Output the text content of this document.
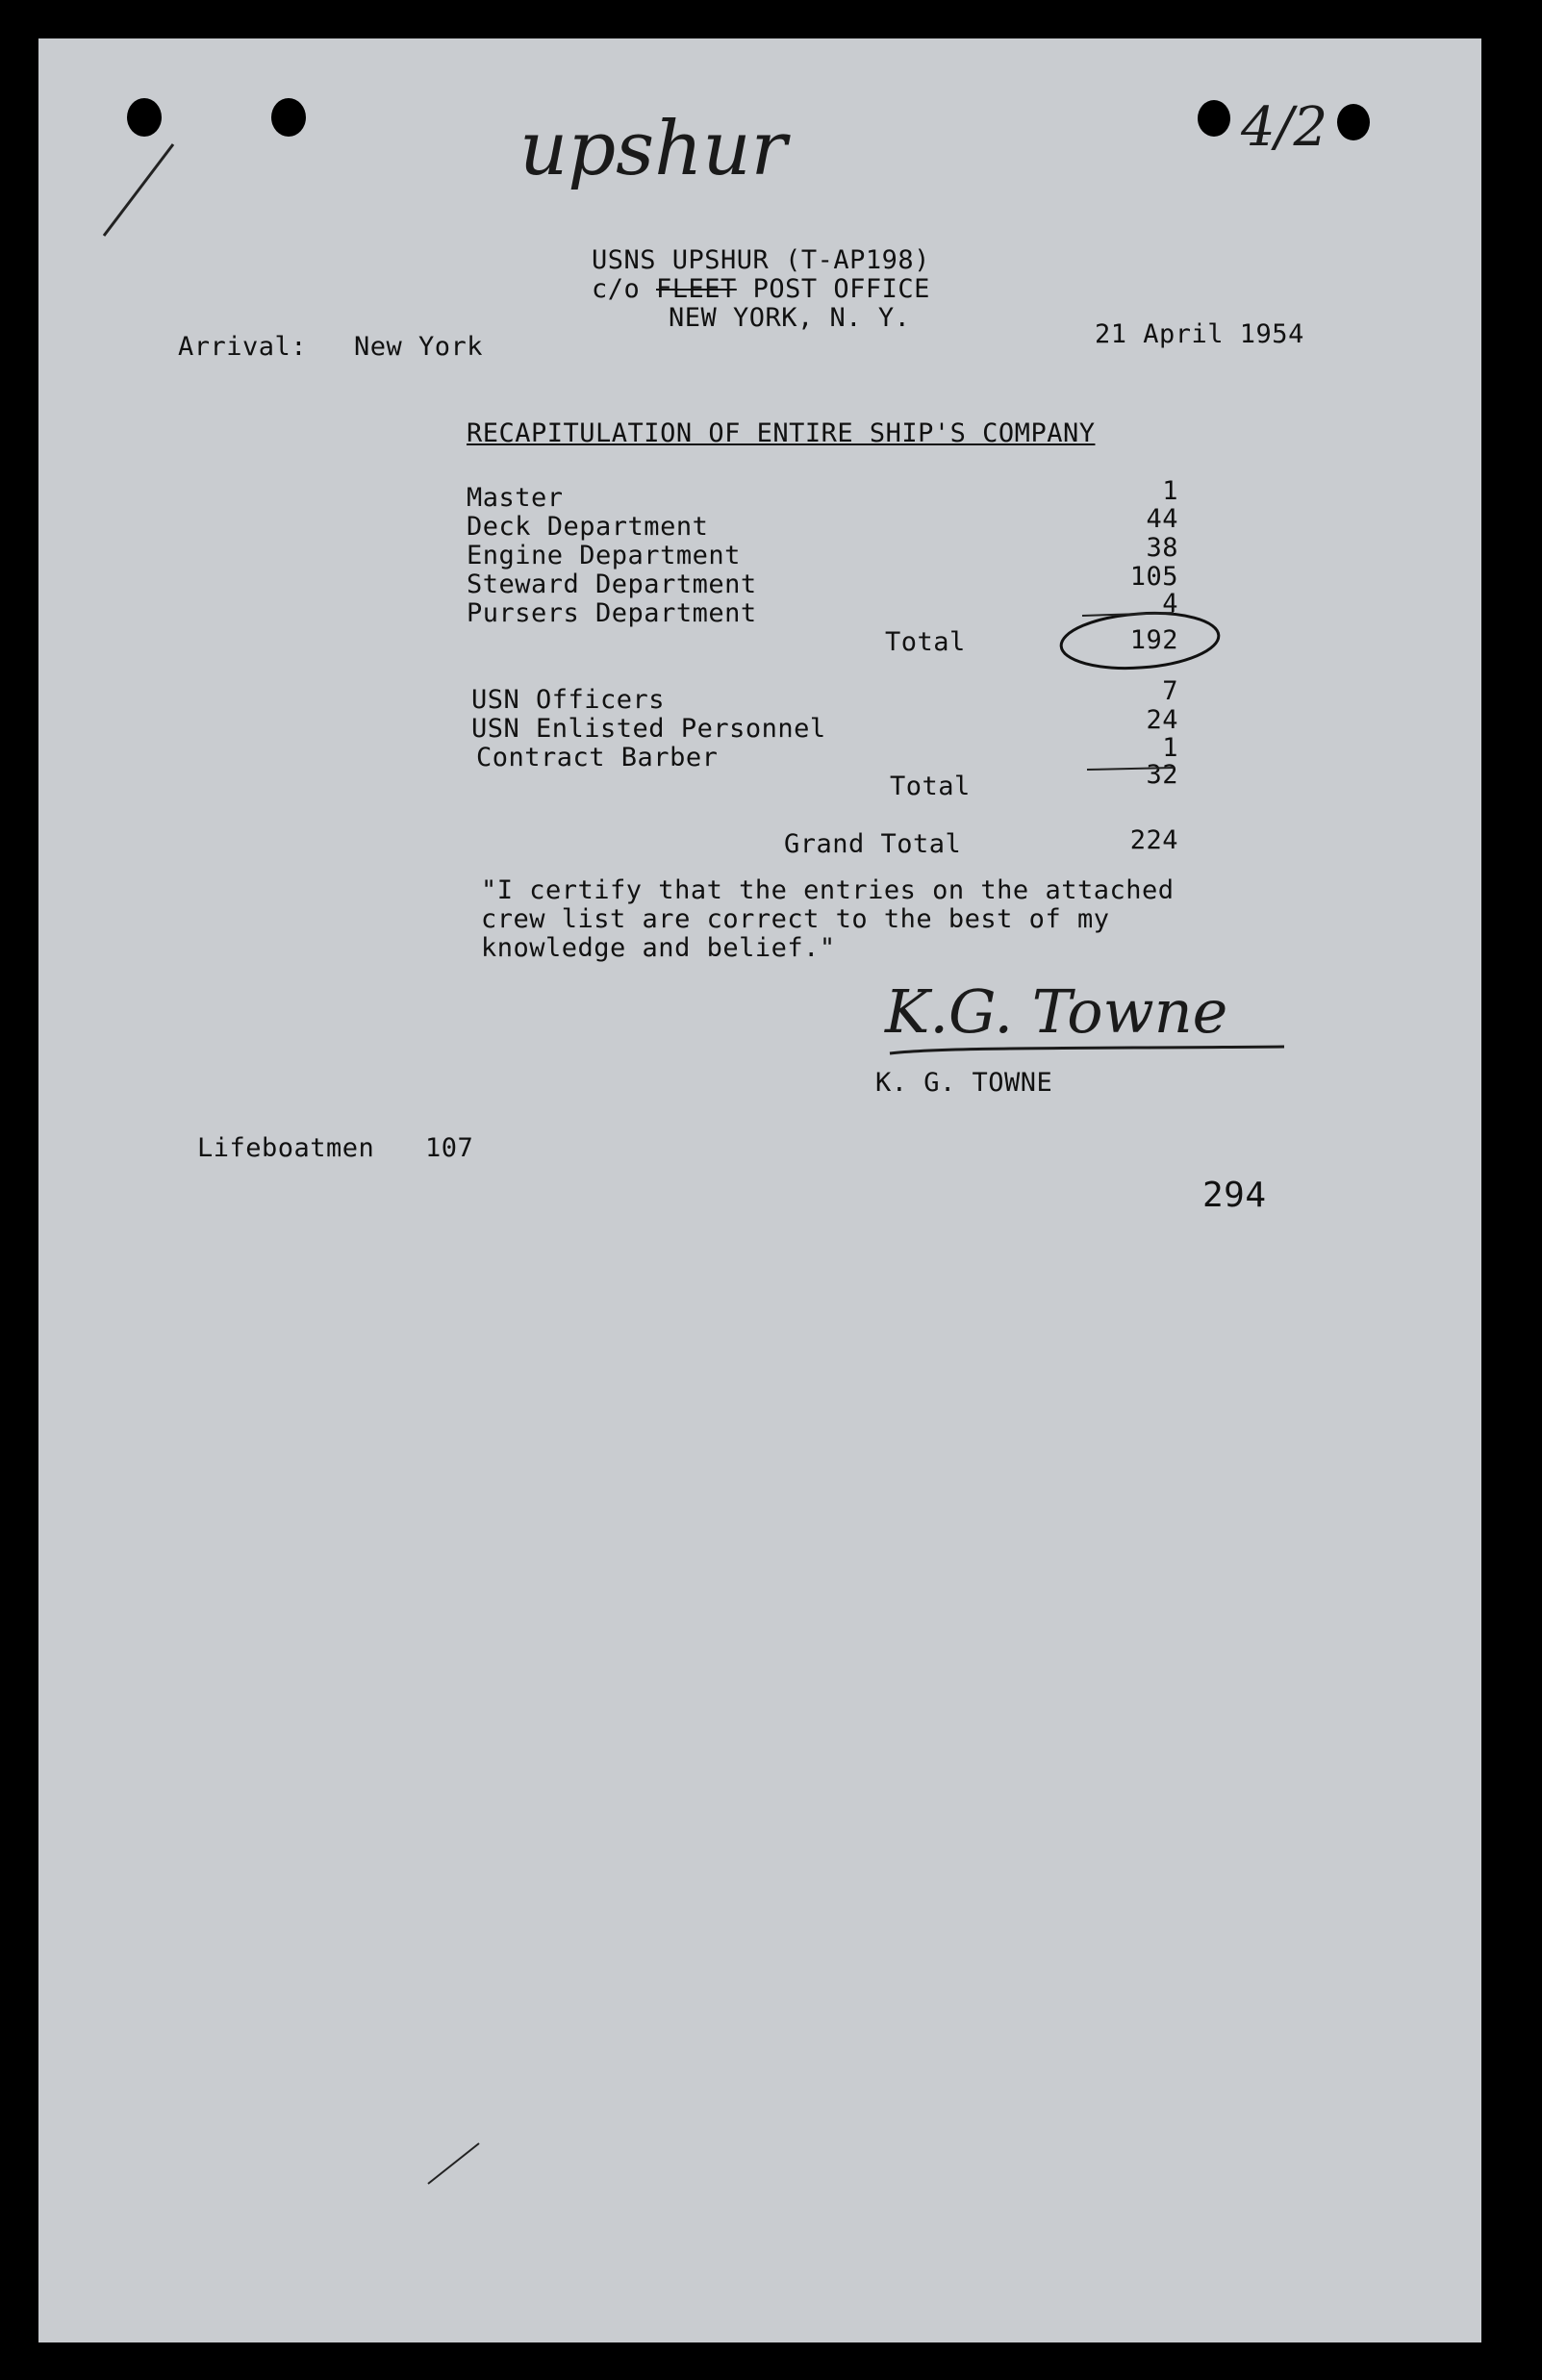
upshur	4/2
USNS UPSHUR (T-AP198)
c/o FLEET POST OFFICE
NEW YORK, N. Y.
Arrival: New York	21 April 1954
RECAPITULATION OF ENTIRE SHIP'S COMPANY
Master	1
Deck Department	44
Engine Department	38
Steward Department	105
Pursers Department	4
Total	192
USN Officers	7
USN Enlisted Personnel	24
Contract Barber	1
Total	32
Grand Total	224
"I certify that the entries on the attached
crew list are correct to the best of my
knowledge and belief."
K.G. Towne
K. G. TOWNE
Lifeboatmen 107
294
